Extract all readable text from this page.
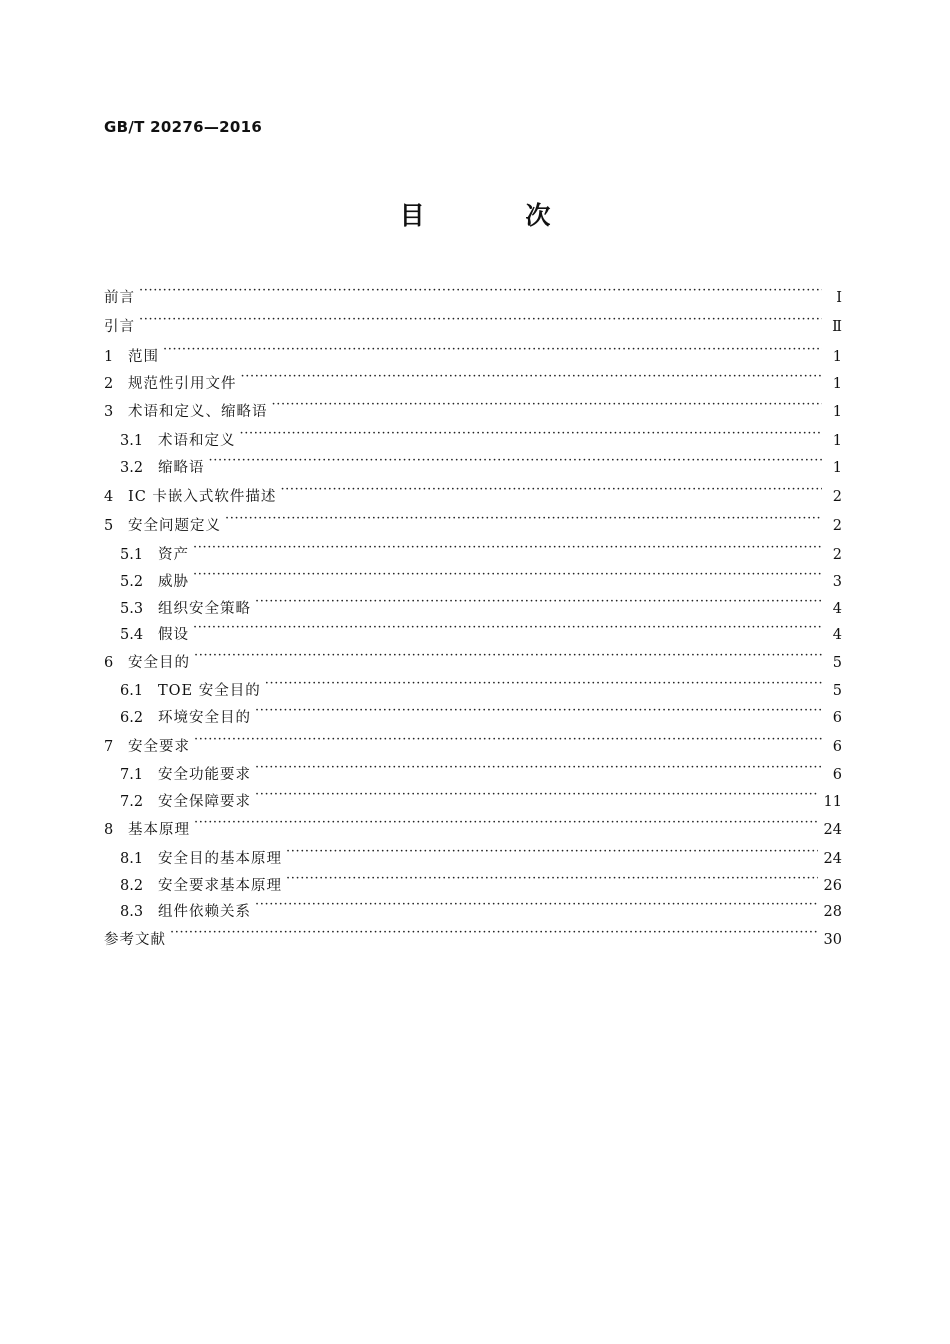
GB/T 20276—2016
目 次
前言 ·····	Ⅰ
引言 ·····	Ⅱ
1	范围 ·····	1
2	规范性引用文件 ·····	1
3	术语和定义、缩略语 ·····	1
3.1	术语和定义 ·····	1
3.2	缩略语 ·····	1
4	IC 卡嵌入式软件描述 ·····	2
5	安全问题定义 ·····	2
5.1	资产 ·····	2
5.2	威胁 ·····	3
5.3	组织安全策略 ·····	4
5.4	假设 ·····	4
6	安全目的 ·····	5
6.1	TOE 安全目的 ·····	5
6.2	环境安全目的 ·····	6
7	安全要求 ·····	6
7.1	安全功能要求 ·····	6
7.2	安全保障要求 ·····	11
8	基本原理 ·····	24
8.1	安全目的基本原理 ·····	24
8.2	安全要求基本原理 ·····	26
8.3	组件依赖关系 ·····	28
参考文献 ·····	30
